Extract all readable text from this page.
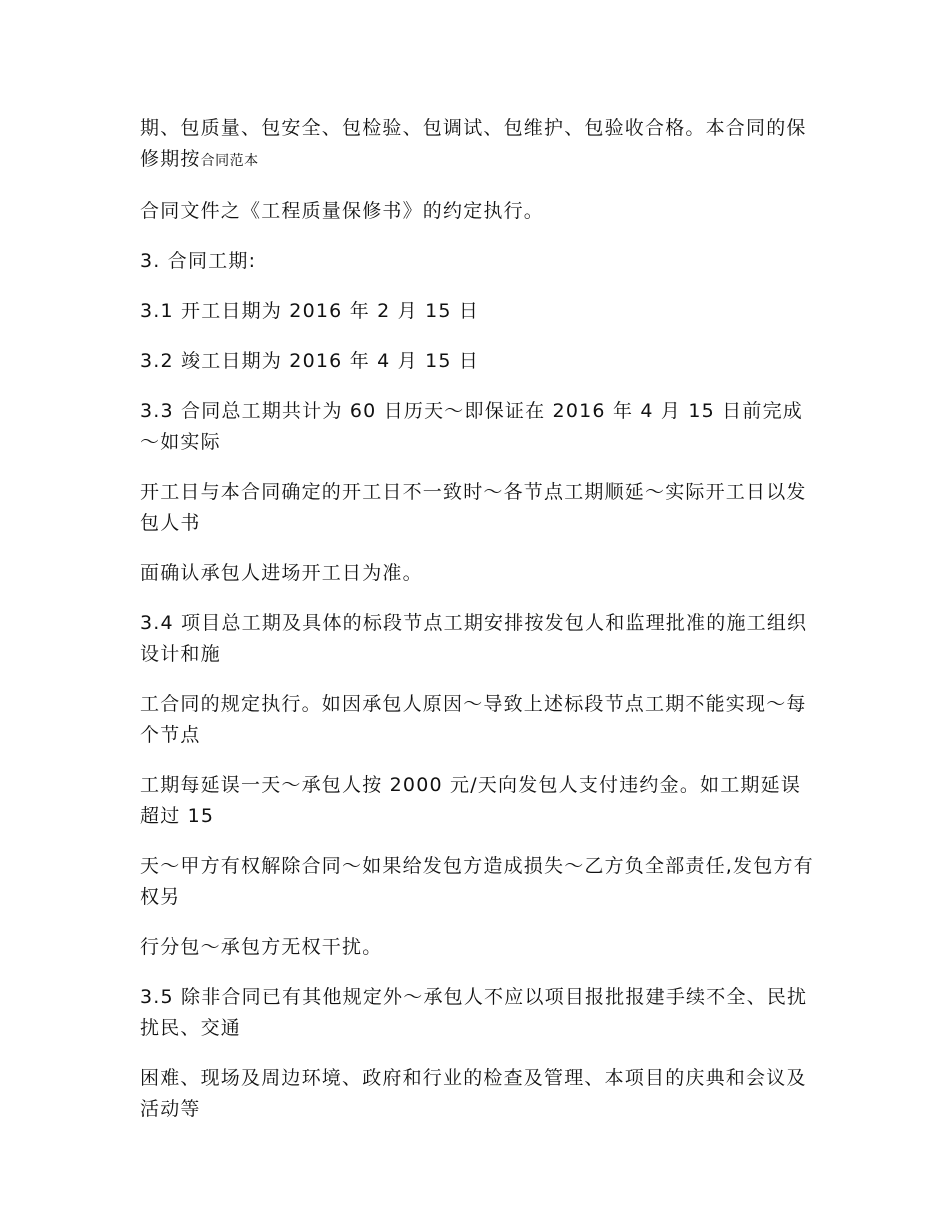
期、包质量、包安全、包检验、包调试、包维护、包验收合格。本合同的保修期按合同范本

合同文件之《工程质量保修书》的约定执行。

3. 合同工期:

3.1 开工日期为 2016 年 2 月 15 日

3.2 竣工日期为 2016 年 4 月 15 日

3.3 合同总工期共计为 60 日历天～即保证在 2016 年 4 月 15 日前完成～如实际

开工日与本合同确定的开工日不一致时～各节点工期顺延～实际开工日以发包人书

面确认承包人进场开工日为准。

3.4 项目总工期及具体的标段节点工期安排按发包人和监理批准的施工组织设计和施

工合同的规定执行。如因承包人原因～导致上述标段节点工期不能实现～每个节点

工期每延误一天～承包人按 2000 元/天向发包人支付违约金。如工期延误超过 15

天～甲方有权解除合同～如果给发包方造成损失～乙方负全部责任,发包方有权另

行分包～承包方无权干扰。

3.5 除非合同已有其他规定外～承包人不应以项目报批报建手续不全、民扰扰民、交通

困难、现场及周边环境、政府和行业的检查及管理、本项目的庆典和会议及活动等
